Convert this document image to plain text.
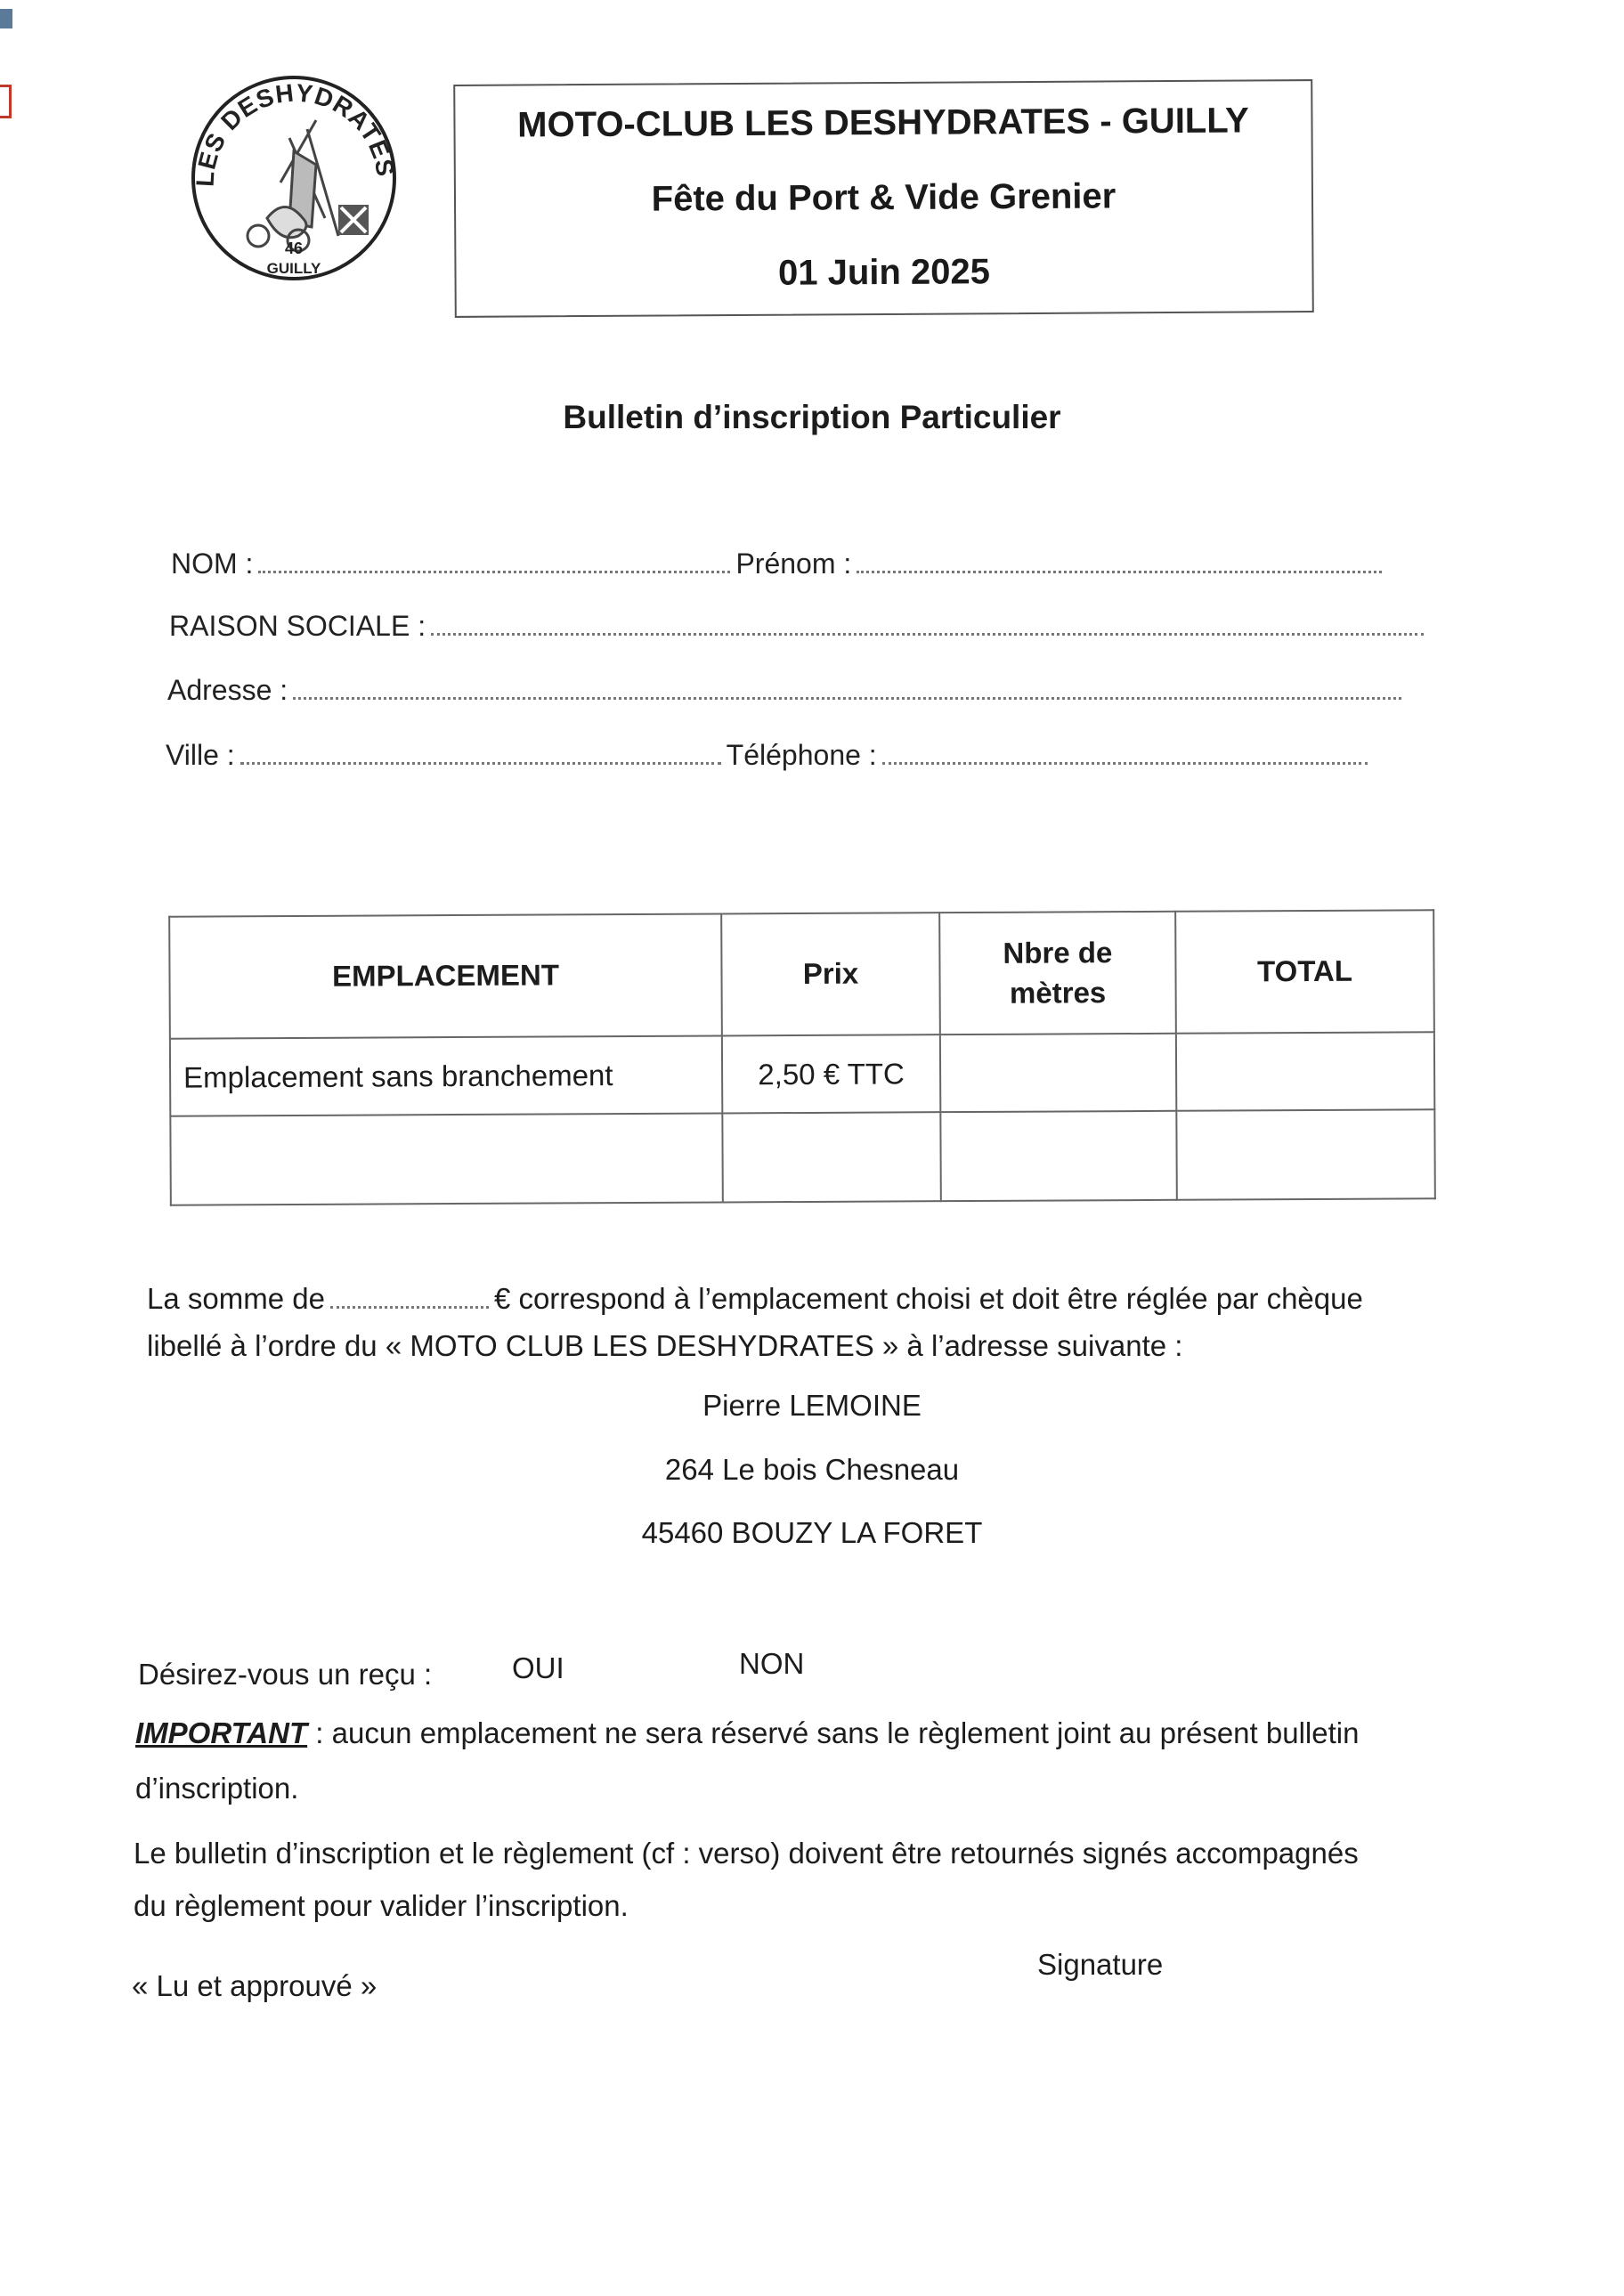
LES DESHYDRATES
46
GUILLY
MOTO-CLUB LES DESHYDRATES - GUILLY
Fête du Port & Vide Grenier
01 Juin 2025
Bulletin d’inscription Particulier
NOM :	Prénom :
RAISON SOCIALE :
Adresse :
Ville :	Téléphone :
EMPLACEMENT	Prix	Nbre de mètres	TOTAL
Emplacement sans branchement	2,50 € TTC		

La somme de	€ correspond à l’emplacement choisi et doit être réglée par chèque
libellé à l’ordre du « MOTO CLUB LES DESHYDRATES » à l’adresse suivante :
Pierre LEMOINE
264 Le bois Chesneau
45460 BOUZY LA FORET
Désirez-vous un reçu :	OUI	NON
IMPORTANT : aucun emplacement ne sera réservé sans le règlement joint au présent bulletin
d’inscription.
Le bulletin d’inscription et le règlement (cf : verso) doivent être retournés signés accompagnés
du règlement pour valider l’inscription.
« Lu et approuvé »
Signature
